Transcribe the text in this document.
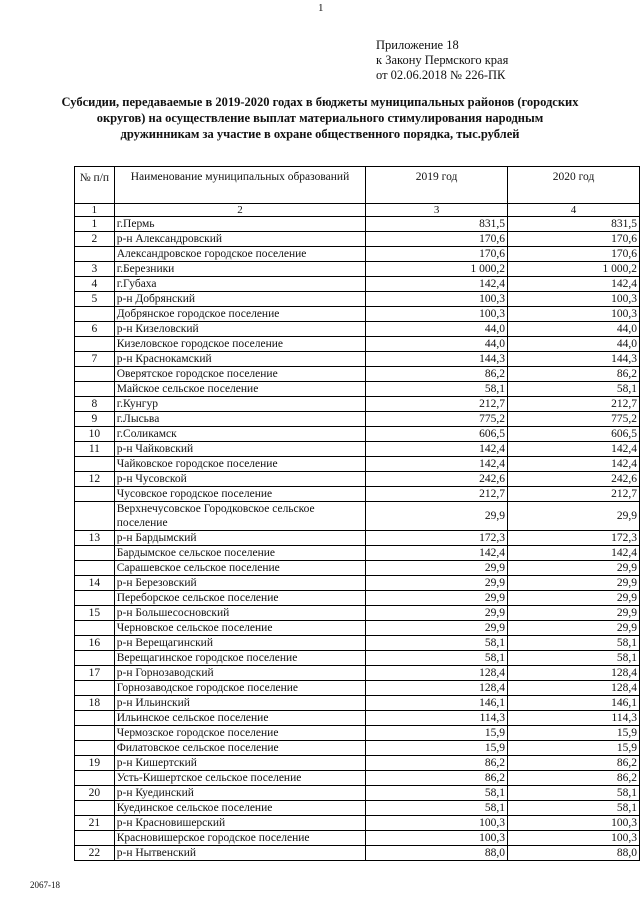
1
Приложение 18
к Закону Пермского края
от 02.06.2018 № 226-ПК
Субсидии, передаваемые в 2019-2020 годах в бюджеты муниципальных районов (городских округов) на осуществление выплат материального стимулирования народным дружинникам за участие в охране общественного порядка, тыс.рублей
№ п/п	Наименование муниципальных образований	2019 год	2020 год
1	2	3	4
1	г.Пермь	831,5	831,5
2	р-н Александровский	170,6	170,6
	Александровское городское поселение	170,6	170,6
3	г.Березники	1 000,2	1 000,2
4	г.Губаха	142,4	142,4
5	р-н Добрянский	100,3	100,3
	Добрянское городское поселение	100,3	100,3
6	р-н Кизеловский	44,0	44,0
	Кизеловское городское поселение	44,0	44,0
7	р-н Краснокамский	144,3	144,3
	Оверятское городское поселение	86,2	86,2
	Майское сельское поселение	58,1	58,1
8	г.Кунгур	212,7	212,7
9	г.Лысьва	775,2	775,2
10	г.Соликамск	606,5	606,5
11	р-н Чайковский	142,4	142,4
	Чайковское городское поселение	142,4	142,4
12	р-н Чусовской	242,6	242,6
	Чусовское городское поселение	212,7	212,7
	Верхнечусовское Городковское сельское поселение	29,9	29,9
13	р-н Бардымский	172,3	172,3
	Бардымское сельское поселение	142,4	142,4
	Сарашевское сельское поселение	29,9	29,9
14	р-н Березовский	29,9	29,9
	Переборское сельское поселение	29,9	29,9
15	р-н Большесосновский	29,9	29,9
	Черновское сельское поселение	29,9	29,9
16	р-н Верещагинский	58,1	58,1
	Верещагинское городское поселение	58,1	58,1
17	р-н Горнозаводский	128,4	128,4
	Горнозаводское городское поселение	128,4	128,4
18	р-н Ильинский	146,1	146,1
	Ильинское сельское поселение	114,3	114,3
	Чермозское городское поселение	15,9	15,9
	Филатовское сельское поселение	15,9	15,9
19	р-н Кишертский	86,2	86,2
	Усть-Кишертское сельское поселение	86,2	86,2
20	р-н Куединский	58,1	58,1
	Куединское сельское поселение	58,1	58,1
21	р-н Красновишерский	100,3	100,3
	Красновишерское городское поселение	100,3	100,3
22	р-н Нытвенский	88,0	88,0
2067-18
